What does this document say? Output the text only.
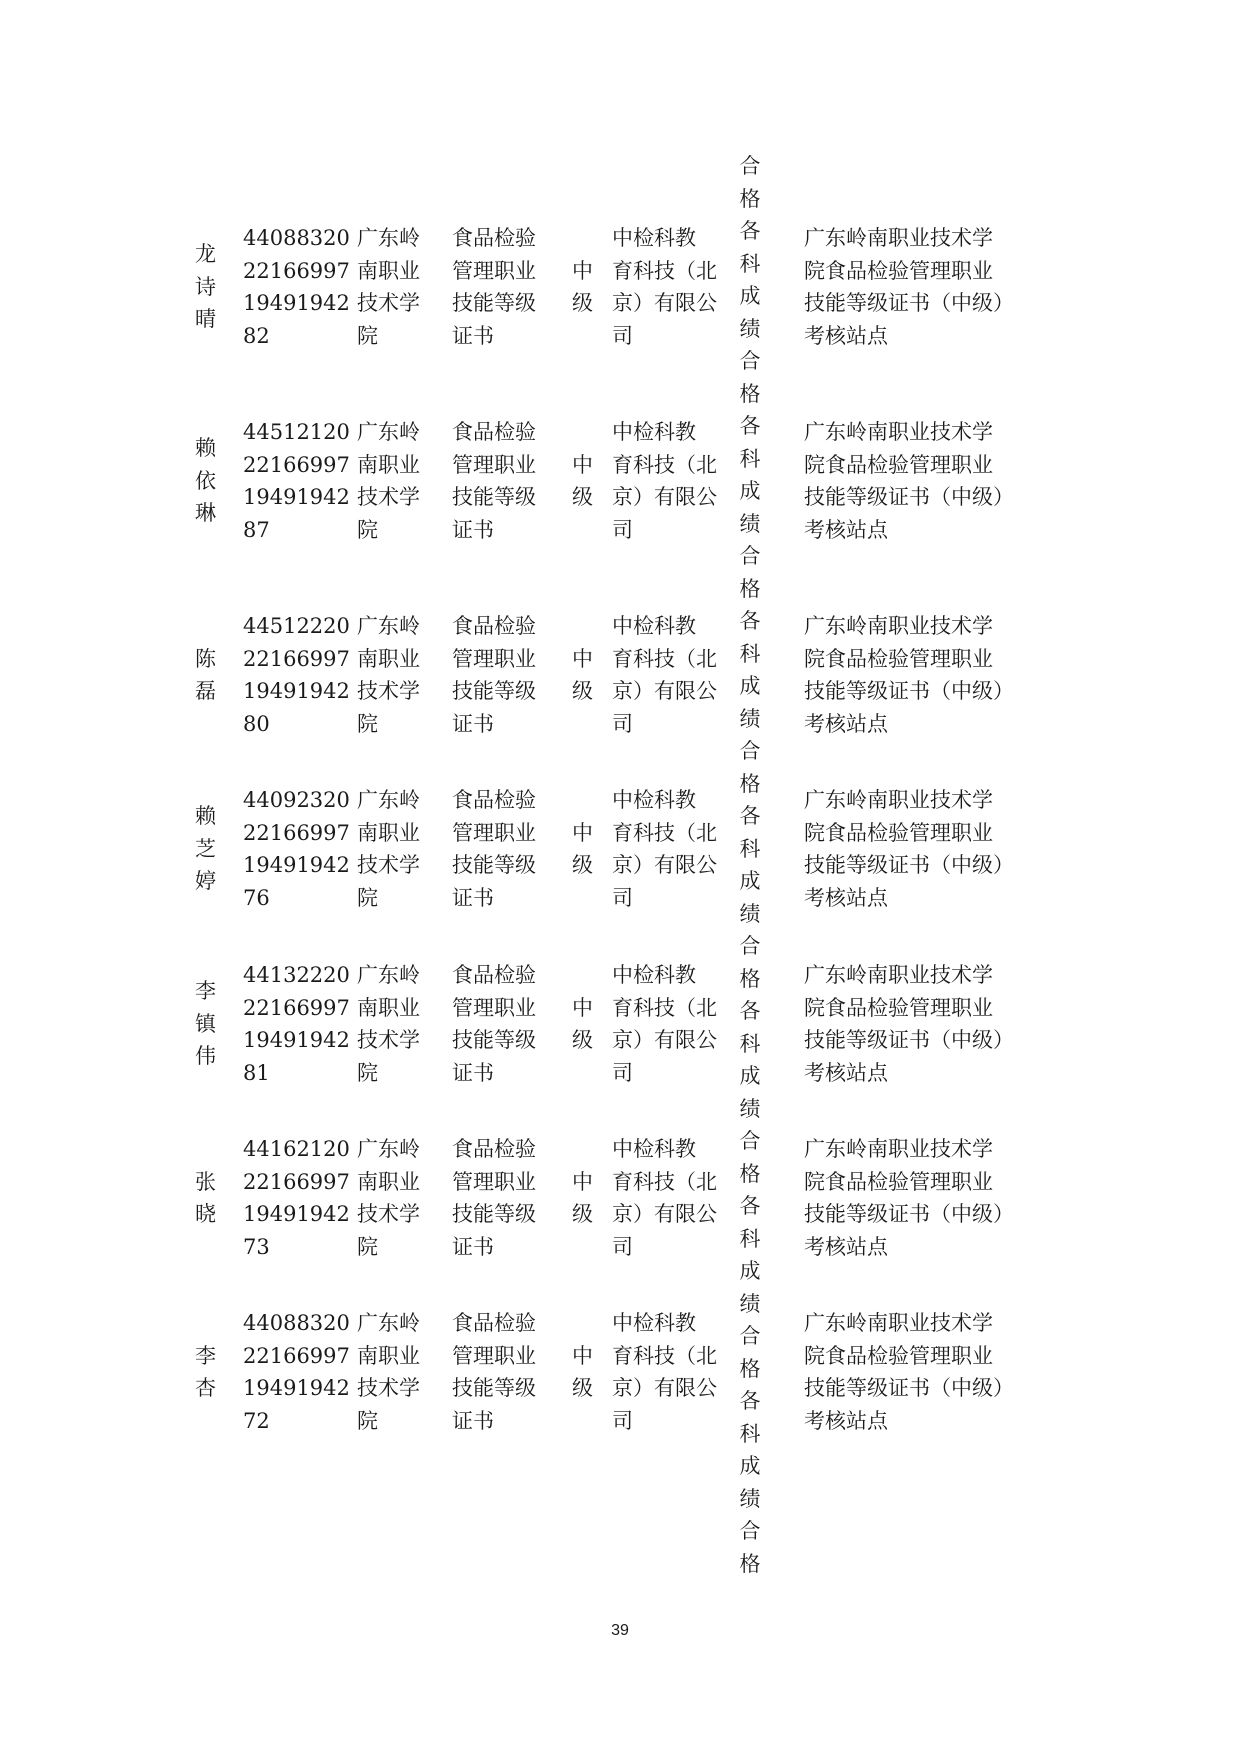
合
格
各
科
成
绩
合
格
各
科
成
绩
合
格
各
科
成
绩
合
格
各
科
成
绩
合
格
各
科
成
绩
合
格
各
科
成
绩
合
格
各
科
成
绩
合
格
龙
诗
晴
44088320
22166997
19491942
82
广东岭
南职业
技术学
院
食品检验
管理职业
技能等级
证书
中
级
中检科教
育科技（北
京）有限公
司
广东岭南职业技术学
院食品检验管理职业
技能等级证书（中级）
考核站点
赖
依
琳
44512120
22166997
19491942
87
广东岭
南职业
技术学
院
食品检验
管理职业
技能等级
证书
中
级
中检科教
育科技（北
京）有限公
司
广东岭南职业技术学
院食品检验管理职业
技能等级证书（中级）
考核站点
陈
磊
44512220
22166997
19491942
80
广东岭
南职业
技术学
院
食品检验
管理职业
技能等级
证书
中
级
中检科教
育科技（北
京）有限公
司
广东岭南职业技术学
院食品检验管理职业
技能等级证书（中级）
考核站点
赖
芝
婷
44092320
22166997
19491942
76
广东岭
南职业
技术学
院
食品检验
管理职业
技能等级
证书
中
级
中检科教
育科技（北
京）有限公
司
广东岭南职业技术学
院食品检验管理职业
技能等级证书（中级）
考核站点
李
镇
伟
44132220
22166997
19491942
81
广东岭
南职业
技术学
院
食品检验
管理职业
技能等级
证书
中
级
中检科教
育科技（北
京）有限公
司
广东岭南职业技术学
院食品检验管理职业
技能等级证书（中级）
考核站点
张
晓
44162120
22166997
19491942
73
广东岭
南职业
技术学
院
食品检验
管理职业
技能等级
证书
中
级
中检科教
育科技（北
京）有限公
司
广东岭南职业技术学
院食品检验管理职业
技能等级证书（中级）
考核站点
李
杏
44088320
22166997
19491942
72
广东岭
南职业
技术学
院
食品检验
管理职业
技能等级
证书
中
级
中检科教
育科技（北
京）有限公
司
广东岭南职业技术学
院食品检验管理职业
技能等级证书（中级）
考核站点
39
